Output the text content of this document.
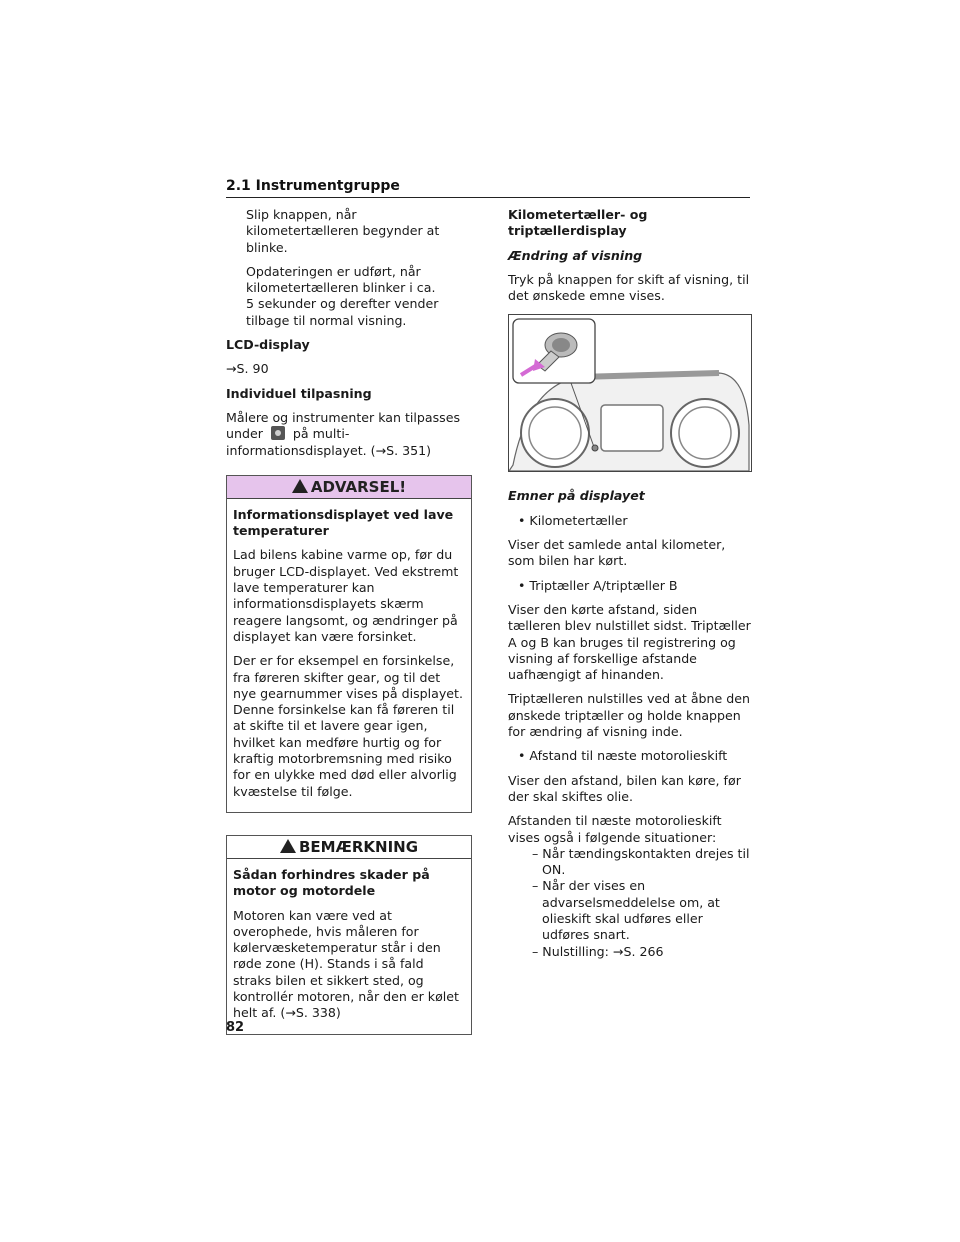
2.1 Instrumentgruppe

Slip knappen, når kilometertælleren begynder at blinke.

Opdateringen er udført, når kilometertælleren blinker i ca.

5 sekunder og derefter vender tilbage til normal visning.

LCD-display

→S. 90

Individuel tilpasning

Målere og instrumenter kan tilpasses under på multi-informationsdisplayet. (→S. 351)

ADVARSEL!

Informationsdisplayet ved lave temperaturer

Lad bilens kabine varme op, før du bruger LCD-displayet. Ved ekstremt lave temperaturer kan informationsdisplayets skærm reagere langsomt, og ændringer på displayet kan være forsinket.

Der er for eksempel en forsinkelse, fra føreren skifter gear, og til det nye gearnummer vises på displayet. Denne forsinkelse kan få føreren til at skifte til et lavere gear igen, hvilket kan medføre hurtig og for kraftig motorbremsning med risiko for en ulykke med død eller alvorlig kvæstelse til følge.

BEMÆRKNING

Sådan forhindres skader på motor og motordele

Motoren kan være ved at overophede, hvis måleren for kølervæsketemperatur står i den røde zone (H). Stands i så fald straks bilen et sikkert sted, og kontrollér motoren, når den er kølet helt af. (→S. 338)

Kilometertæller- og triptællerdisplay

Ændring af visning

Tryk på knappen for skift af visning, til det ønskede emne vises.

Emner på displayet

• Kilometertæller

Viser det samlede antal kilometer, som bilen har kørt.

• Triptæller A/triptæller B

Viser den kørte afstand, siden tælleren blev nulstillet sidst. Triptæller A og B kan bruges til registrering og visning af forskellige afstande uafhængigt af hinanden.

Triptælleren nulstilles ved at åbne den ønskede triptæller og holde knappen for ændring af visning inde.

• Afstand til næste motorolieskift

Viser den afstand, bilen kan køre, før der skal skiftes olie.

Afstanden til næste motorolieskift vises også i følgende situationer:

– Når tændingskontakten drejes til ON.

– Når der vises en advarselsmeddelelse om, at olieskift skal udføres eller udføres snart.

– Nulstilling: →S. 266

82
